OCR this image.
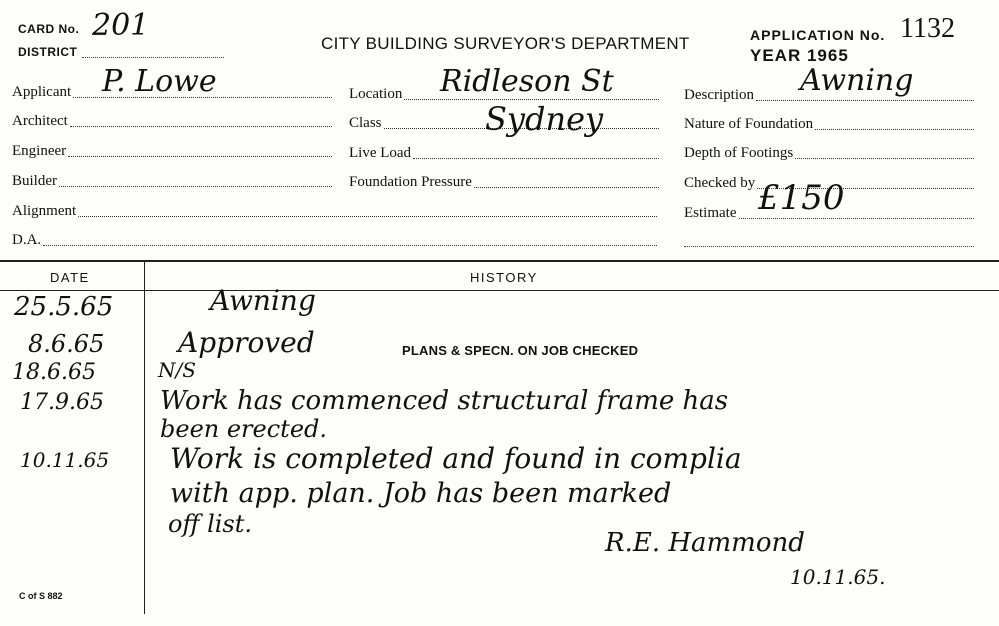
CARD No. 201
DISTRICT	CITY BUILDING SURVEYOR'S DEPARTMENT	APPLICATION No. 1132
YEAR 1965
Applicant P. Lowe
Architect
Engineer
Builder
Alignment
D.A.
Location Ridleson St
Class	Sydney
Live Load
Foundation Pressure
Description Awning
Nature of Foundation
Depth of Footings
Checked by
Estimate £150
DATE	HISTORY
25.5.65	Awning
8.6.65	Approved	PLANS & SPECN. ON JOB CHECKED
18.6.65	N/S
17.9.65 Work has commenced structural frame has
been erected.
10.11.65 Work is completed and found in complia
with app. plan. Job has been marked
off list.
R.E. Hammond
10.11.65.
C of S 882
